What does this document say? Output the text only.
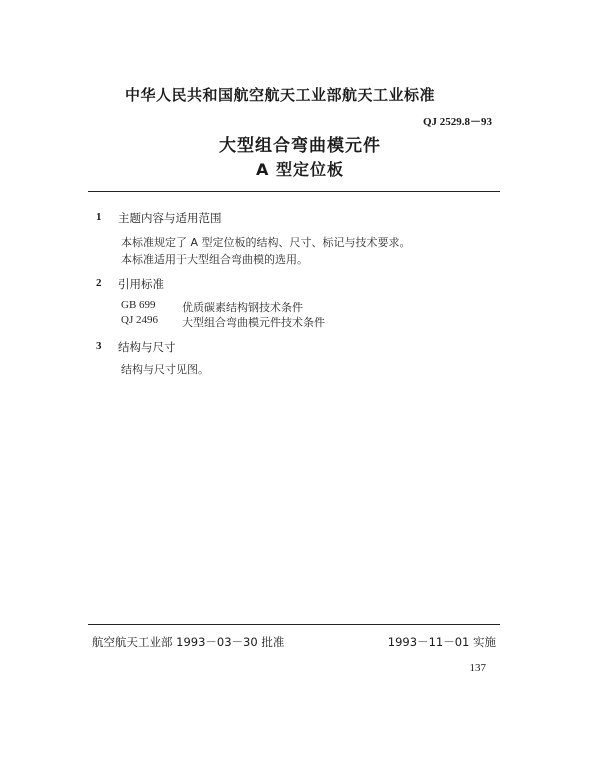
中华人民共和国航空航天工业部航天工业标准
QJ 2529.8－93
大型组合弯曲模元件
A 型定位板
1 主题内容与适用范围
本标准规定了 A 型定位板的结构、尺寸、标记与技术要求。
本标准适用于大型组合弯曲模的选用。
2 引用标准
GB 699 优质碳素结构钢技术条件
QJ 2496 大型组合弯曲模元件技术条件
3 结构与尺寸
结构与尺寸见图。
航空航天工业部 1993－03－30 批准	1993－11－01 实施
137
